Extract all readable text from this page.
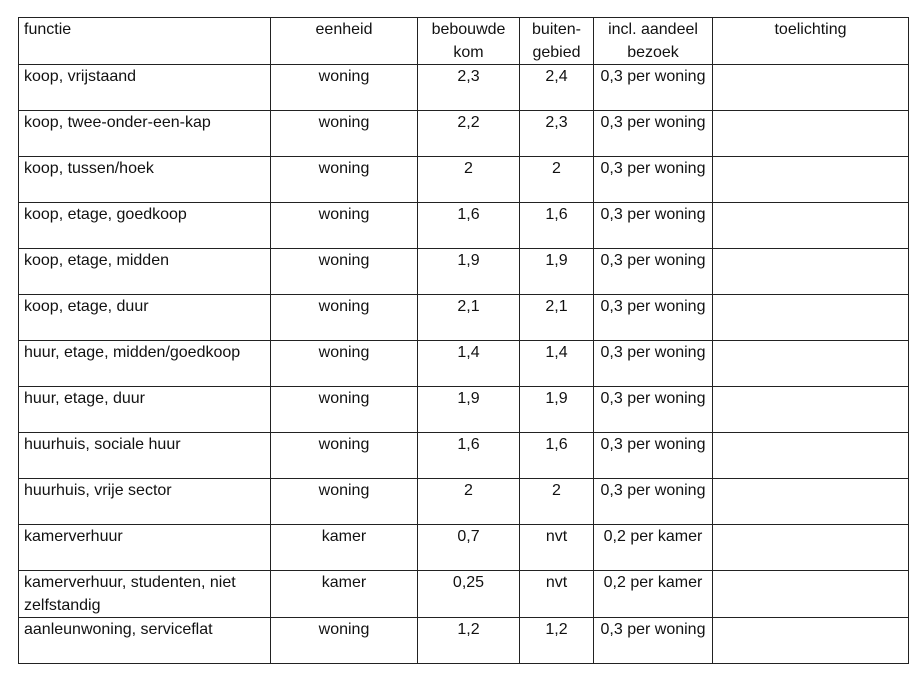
functie	eenheid	bebouwde kom	buiten-gebied	incl. aandeel bezoek	toelichting
koop, vrijstaand	woning	2,3	2,4	0,3 per woning	
koop, twee-onder-een-kap	woning	2,2	2,3	0,3 per woning	
koop, tussen/hoek	woning	2	2	0,3 per woning	
koop, etage, goedkoop	woning	1,6	1,6	0,3 per woning	
koop, etage, midden	woning	1,9	1,9	0,3 per woning	
koop, etage, duur	woning	2,1	2,1	0,3 per woning	
huur, etage, midden/goedkoop	woning	1,4	1,4	0,3 per woning	
huur, etage, duur	woning	1,9	1,9	0,3 per woning	
huurhuis, sociale huur	woning	1,6	1,6	0,3 per woning	
huurhuis, vrije sector	woning	2	2	0,3 per woning	
kamerverhuur	kamer	0,7	nvt	0,2 per kamer	
kamerverhuur, studenten, niet zelfstandig	kamer	0,25	nvt	0,2 per kamer	
aanleunwoning, serviceflat	woning	1,2	1,2	0,3 per woning	
